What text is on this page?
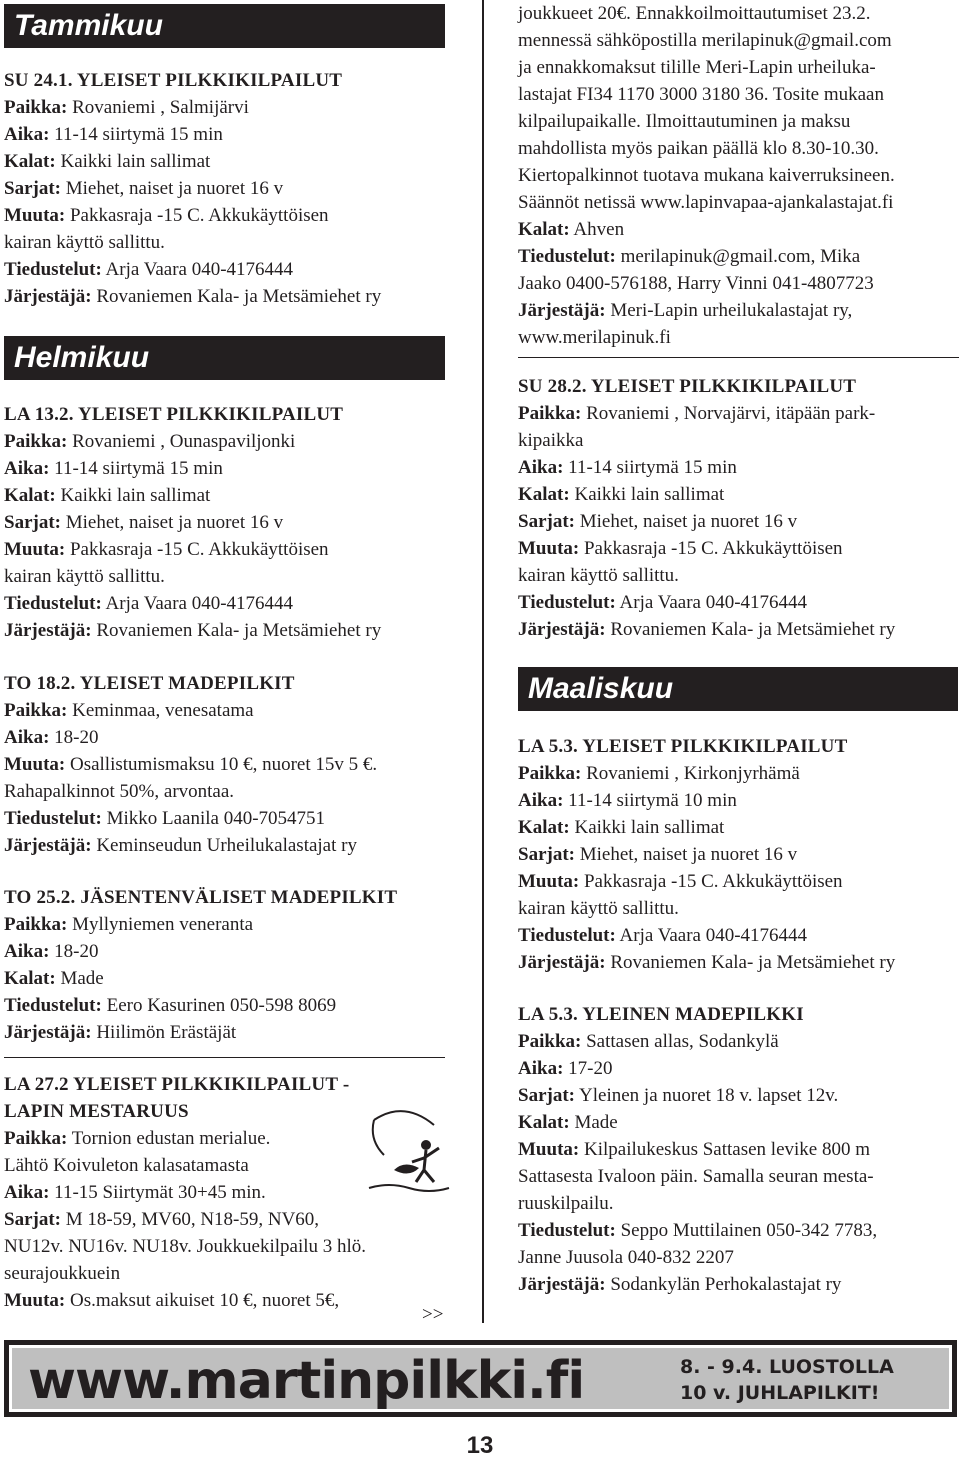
Tammikuu
SU 24.1. YLEISET PILKKIKILPAILUT
Paikka: Rovaniemi , Salmijärvi
Aika: 11-14 siirtymä 15 min
Kalat: Kaikki lain sallimat
Sarjat: Miehet, naiset ja nuoret 16 v
Muuta: Pakkasraja -15 C. Akkukäyttöisen
kairan käyttö sallittu.
Tiedustelut: Arja Vaara 040-4176444
Järjestäjä: Rovaniemen Kala- ja Metsämiehet ry
Helmikuu
LA 13.2. YLEISET PILKKIKILPAILUT
Paikka: Rovaniemi , Ounaspaviljonki
Aika: 11-14 siirtymä 15 min
Kalat: Kaikki lain sallimat
Sarjat: Miehet, naiset ja nuoret 16 v
Muuta: Pakkasraja -15 C. Akkukäyttöisen
kairan käyttö sallittu.
Tiedustelut: Arja Vaara 040-4176444
Järjestäjä: Rovaniemen Kala- ja Metsämiehet ry
TO 18.2. YLEISET MADEPILKIT
Paikka: Keminmaa, venesatama
Aika: 18-20
Muuta: Osallistumismaksu 10 €, nuoret 15v 5 €.
Rahapalkinnot 50%, arvontaa.
Tiedustelut: Mikko Laanila 040-7054751
Järjestäjä: Keminseudun Urheilukalastajat ry
TO 25.2. JÄSENTENVÄLISET MADEPILKIT
Paikka: Myllyniemen veneranta
Aika: 18-20
Kalat: Made
Tiedustelut: Eero Kasurinen 050-598 8069
Järjestäjä: Hiilimön Erästäjät
LA 27.2 YLEISET PILKKIKILPAILUT -
LAPIN MESTARUUS
Paikka: Tornion edustan merialue.
Lähtö Koivuleton kalasatamasta
Aika: 11-15 Siirtymät 30+45 min.
Sarjat: M 18-59, MV60, N18-59, NV60,
NU12v. NU16v. NU18v. Joukkuekilpailu 3 hlö.
seurajoukkuein
Muuta: Os.maksut aikuiset 10 €, nuoret 5€,
>>
joukkueet 20€. Ennakkoilmoittautumiset 23.2.
mennessä sähköpostilla merilapinuk@gmail.com
ja ennakkomaksut tilille Meri-Lapin urheiluka-
lastajat FI34 1170 3000 3180 36. Tosite mukaan
kilpailupaikalle. Ilmoittautuminen ja maksu
mahdollista myös paikan päällä klo 8.30-10.30.
Kiertopalkinnot tuotava mukana kaiverruksineen.
Säännöt netissä www.lapinvapaa-ajankalastajat.fi
Kalat: Ahven
Tiedustelut: merilapinuk@gmail.com, Mika
Jaako 0400-576188, Harry Vinni 041-4807723
Järjestäjä: Meri-Lapin urheilukalastajat ry,
www.merilapinuk.fi
SU 28.2. YLEISET PILKKIKILPAILUT
Paikka: Rovaniemi , Norvajärvi, itäpään park-
kipaikka
Aika: 11-14 siirtymä 15 min
Kalat: Kaikki lain sallimat
Sarjat: Miehet, naiset ja nuoret 16 v
Muuta: Pakkasraja -15 C. Akkukäyttöisen
kairan käyttö sallittu.
Tiedustelut: Arja Vaara 040-4176444
Järjestäjä: Rovaniemen Kala- ja Metsämiehet ry
Maaliskuu
LA 5.3. YLEISET PILKKIKILPAILUT
Paikka: Rovaniemi , Kirkonjyrhämä
Aika: 11-14 siirtymä 10 min
Kalat: Kaikki lain sallimat
Sarjat: Miehet, naiset ja nuoret 16 v
Muuta: Pakkasraja -15 C. Akkukäyttöisen
kairan käyttö sallittu.
Tiedustelut: Arja Vaara 040-4176444
Järjestäjä: Rovaniemen Kala- ja Metsämiehet ry
LA 5.3. YLEINEN MADEPILKKI
Paikka: Sattasen allas, Sodankylä
Aika: 17-20
Sarjat: Yleinen ja nuoret 18 v. lapset 12v.
Kalat: Made
Muuta: Kilpailukeskus Sattasen levike 800 m
Sattasesta Ivaloon päin. Samalla seuran mesta-
ruuskilpailu.
Tiedustelut: Seppo Muttilainen 050-342 7783,
Janne Juusola 040-832 2207
Järjestäjä: Sodankylän Perhokalastajat ry
www.martinpilkki.fi	8. - 9.4. LUOSTOLLA
10 v. JUHLAPILKIT!
13
